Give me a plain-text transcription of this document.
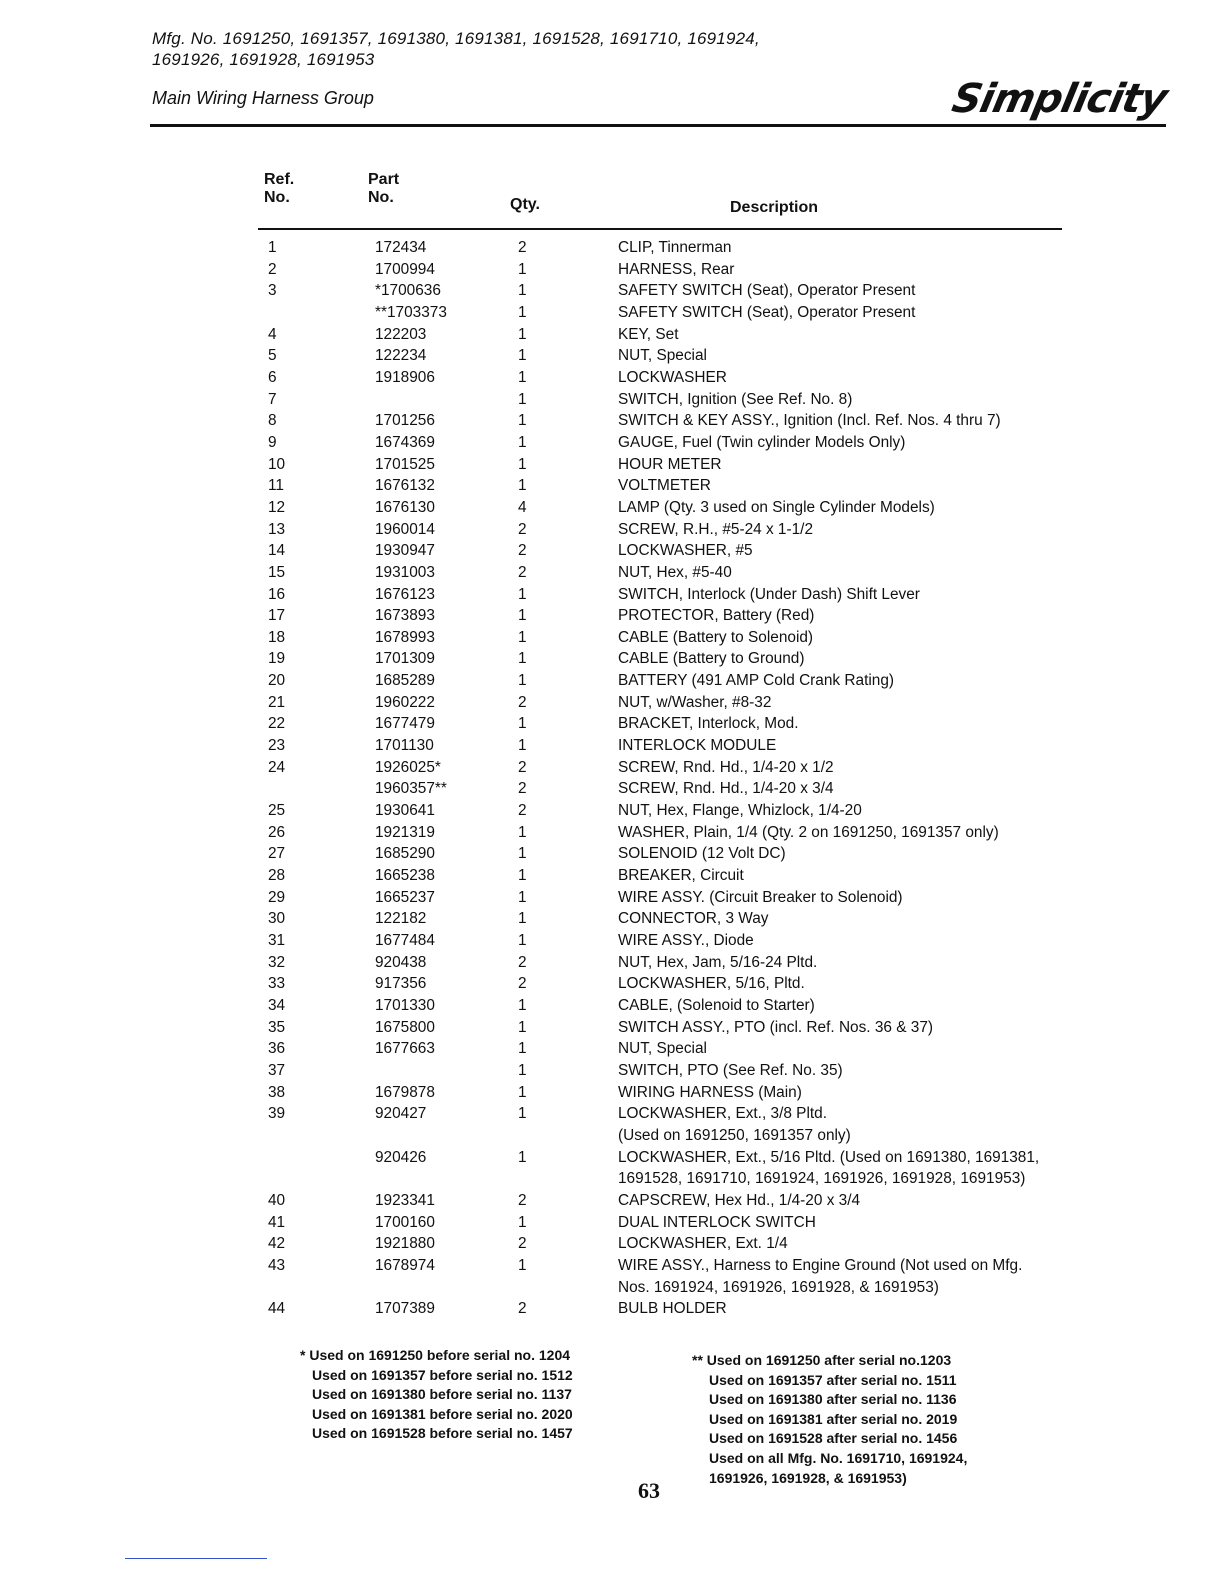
Mfg. No. 1691250, 1691357, 1691380, 1691381, 1691528, 1691710, 1691924,
1691926, 1691928, 1691953
Main Wiring Harness Group	Simplicity
Ref.
No.
Part
No.	Qty.	Description
1	172434	2	CLIP, Tinnerman
2	1700994	1	HARNESS, Rear
3	*1700636	1	SAFETY SWITCH (Seat), Operator Present
	**1703373	1	SAFETY SWITCH (Seat), Operator Present
4	122203	1	KEY, Set
5	122234	1	NUT, Special
6	1918906	1	LOCKWASHER
7		1	SWITCH, Ignition (See Ref. No. 8)
8	1701256	1	SWITCH & KEY ASSY., Ignition (Incl. Ref. Nos. 4 thru 7)
9	1674369	1	GAUGE, Fuel (Twin cylinder Models Only)
10	1701525	1	HOUR METER
11	1676132	1	VOLTMETER
12	1676130	4	LAMP (Qty. 3 used on Single Cylinder Models)
13	1960014	2	SCREW, R.H., #5-24 x 1-1/2
14	1930947	2	LOCKWASHER, #5
15	1931003	2	NUT, Hex, #5-40
16	1676123	1	SWITCH, Interlock (Under Dash) Shift Lever
17	1673893	1	PROTECTOR, Battery (Red)
18	1678993	1	CABLE (Battery to Solenoid)
19	1701309	1	CABLE (Battery to Ground)
20	1685289	1	BATTERY (491 AMP Cold Crank Rating)
21	1960222	2	NUT, w/Washer, #8-32
22	1677479	1	BRACKET, Interlock, Mod.
23	1701130	1	INTERLOCK MODULE
24	1926025*	2	SCREW, Rnd. Hd., 1/4-20 x 1/2
	1960357**	2	SCREW, Rnd. Hd., 1/4-20 x 3/4
25	1930641	2	NUT, Hex, Flange, Whizlock, 1/4-20
26	1921319	1	WASHER, Plain, 1/4 (Qty. 2 on 1691250, 1691357 only)
27	1685290	1	SOLENOID (12 Volt DC)
28	1665238	1	BREAKER, Circuit
29	1665237	1	WIRE ASSY. (Circuit Breaker to Solenoid)
30	122182	1	CONNECTOR, 3 Way
31	1677484	1	WIRE ASSY., Diode
32	920438	2	NUT, Hex, Jam, 5/16-24 Pltd.
33	917356	2	LOCKWASHER, 5/16, Pltd.
34	1701330	1	CABLE, (Solenoid to Starter)
35	1675800	1	SWITCH ASSY., PTO (incl. Ref. Nos. 36 & 37)
36	1677663	1	NUT, Special
37		1	SWITCH, PTO (See Ref. No. 35)
38	1679878	1	WIRING HARNESS (Main)
39	920427	1	LOCKWASHER, Ext., 3/8 Pltd.
			(Used on 1691250, 1691357 only)
	920426	1	LOCKWASHER, Ext., 5/16 Pltd. (Used on 1691380, 1691381,
			1691528, 1691710, 1691924, 1691926, 1691928, 1691953)
40	1923341	2	CAPSCREW, Hex Hd., 1/4-20 x 3/4
41	1700160	1	DUAL INTERLOCK SWITCH
42	1921880	2	LOCKWASHER, Ext. 1/4
43	1678974	1	WIRE ASSY., Harness to Engine Ground (Not used on Mfg.
			Nos. 1691924, 1691926, 1691928, & 1691953)
44	1707389	2	BULB HOLDER
* Used on 1691250 before serial no. 1204
Used on 1691357 before serial no. 1512
Used on 1691380 before serial no. 1137
Used on 1691381 before serial no. 2020
Used on 1691528 before serial no. 1457
** Used on 1691250 after serial no.1203
Used on 1691357 after serial no. 1511
Used on 1691380 after serial no. 1136
Used on 1691381 after serial no. 2019
Used on 1691528 after serial no. 1456
Used on all Mfg. No. 1691710, 1691924,
1691926, 1691928, & 1691953)
63
